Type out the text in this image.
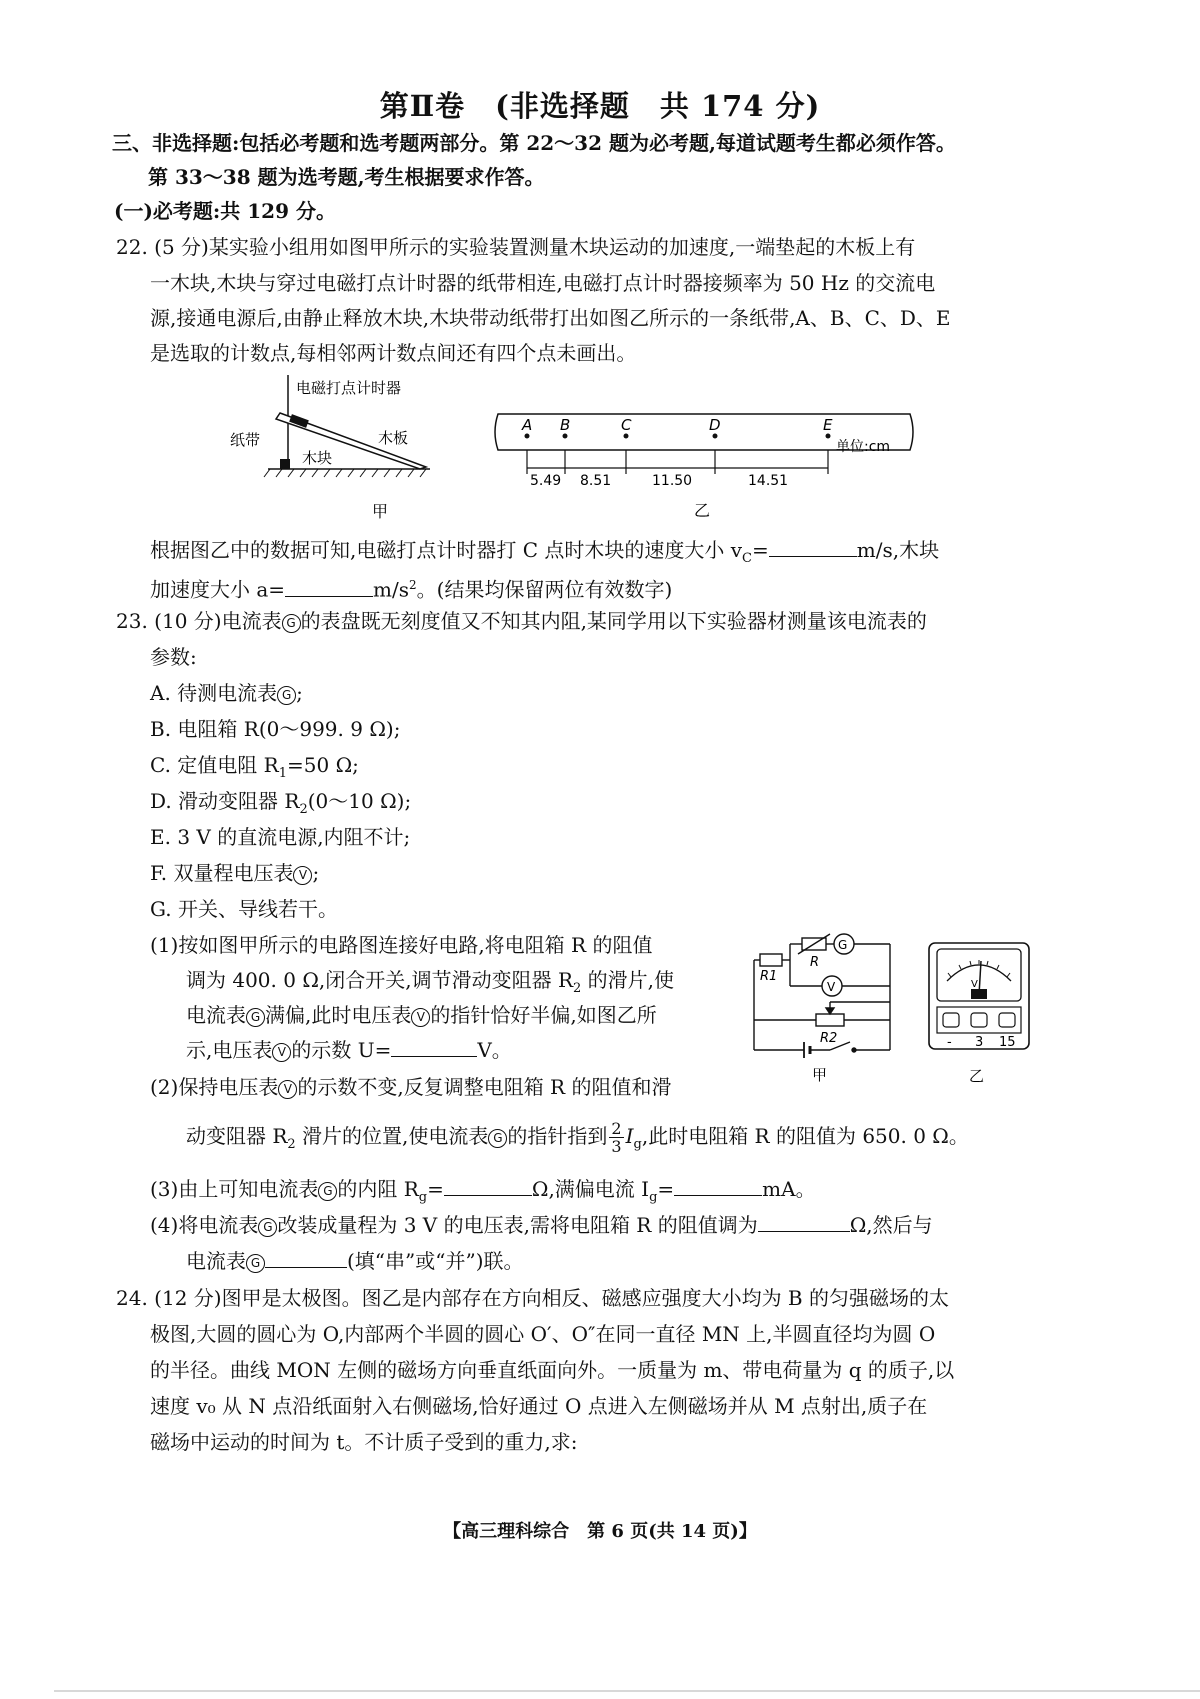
第Ⅱ卷　(非选择题　共 174 分)
三、非选择题:包括必考题和选考题两部分。第 22～32 题为必考题,每道试题考生都必须作答。
第 33～38 题为选考题,考生根据要求作答。
(一)必考题:共 129 分。
22. (5 分)某实验小组用如图甲所示的实验装置测量木块运动的加速度,一端垫起的木板上有
一木块,木块与穿过电磁打点计时器的纸带相连,电磁打点计时器接频率为 50 Hz 的交流电
源,接通电源后,由静止释放木块,木块带动纸带打出如图乙所示的一条纸带,A、B、C、D、E
是选取的计数点,每相邻两计数点间还有四个点未画出。
电磁打点计时器
纸带
木块
木板
甲
A B	C	D	E
单位:cm
5.49 8.51	11.50	14.51
乙
根据图乙中的数据可知,电磁打点计时器打 C 点时木块的速度大小 $v_C=$	m/s,木块
加速度大小 a=	$m/s^2$。(结果均保留两位有效数字)
23. (10 分)电流表 G 的表盘既无刻度值又不知其内阻,某同学用以下实验器材测量该电流表的
参数:
A. 待测电流表 G ;
B. 电阻箱 R(0～999. 9 Ω);
C. 定值电阻 $R_1=50$ Ω;
D. 滑动变阻器 $R_2(0\sim 10$ Ω);
E. 3 V 的直流电源,内阻不计;
F. 双量程电压表 V ;
G. 开关、导线若干。
(1)按如图甲所示的电路图连接好电路,将电阻箱 R 的阻值
调为 400. 0 Ω,闭合开关,调节滑动变阻器 $R_2$ 的滑片,使
电流表 G 满偏,此时电压表 V 的指针恰好半偏,如图乙所
示,电压表 V 的示数 U=	V。
(2)保持电压表 V 的示数不变,反复调整电阻箱 R 的阻值和滑
动变阻器 $R_2$ 滑片的位置,使电流表 G 的指针指到 $\frac{2}{3} I_g$,此时电阻箱 R 的阻值为 650. 0 Ω。
(3)由上可知电流表 G 的内阻 $R_g=$	Ω,满偏电流 $I_g=$	mA。
(4)将电流表 G 改装成量程为 3 V 的电压表,需将电阻箱 R 的阻值调为	Ω,然后与
电流表 G	(填“串”或“并”)联。
G
V
R1
R
R2
甲
V
- 3 15
乙
24. (12 分)图甲是太极图。图乙是内部存在方向相反、磁感应强度大小均为 B 的匀强磁场的太
极图,大圆的圆心为 O,内部两个半圆的圆心 O′、O″在同一直径 MN 上,半圆直径均为圆 O
的半径。曲线 MON 左侧的磁场方向垂直纸面向外。一质量为 m、带电荷量为 q 的质子,以
速度 v₀ 从 N 点沿纸面射入右侧磁场,恰好通过 O 点进入左侧磁场并从 M 点射出,质子在
磁场中运动的时间为 t。不计质子受到的重力,求:
【高三理科综合　第 6 页(共 14 页)】
